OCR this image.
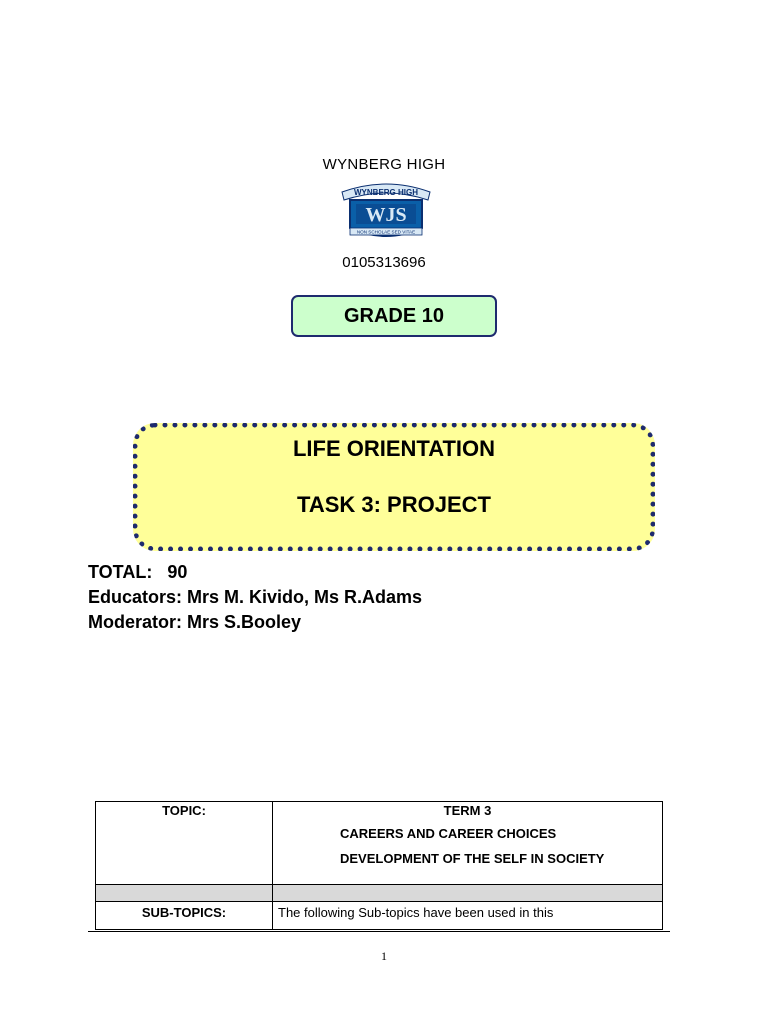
WYNBERG HIGH
WYNBERG HIGH
WJS
NON SCHOLAE SED VITAE
0105313696
GRADE 10
LIFE ORIENTATION
TASK 3: PROJECT
TOTAL:   90
Educators: Mrs M. Kivido, Ms R.Adams
Moderator: Mrs S.Booley
TOPIC:	TERM 3
CAREERS AND CAREER CHOICES
DEVELOPMENT OF THE SELF IN SOCIETY

SUB-TOPICS:	The following Sub-topics have been used in this
1
